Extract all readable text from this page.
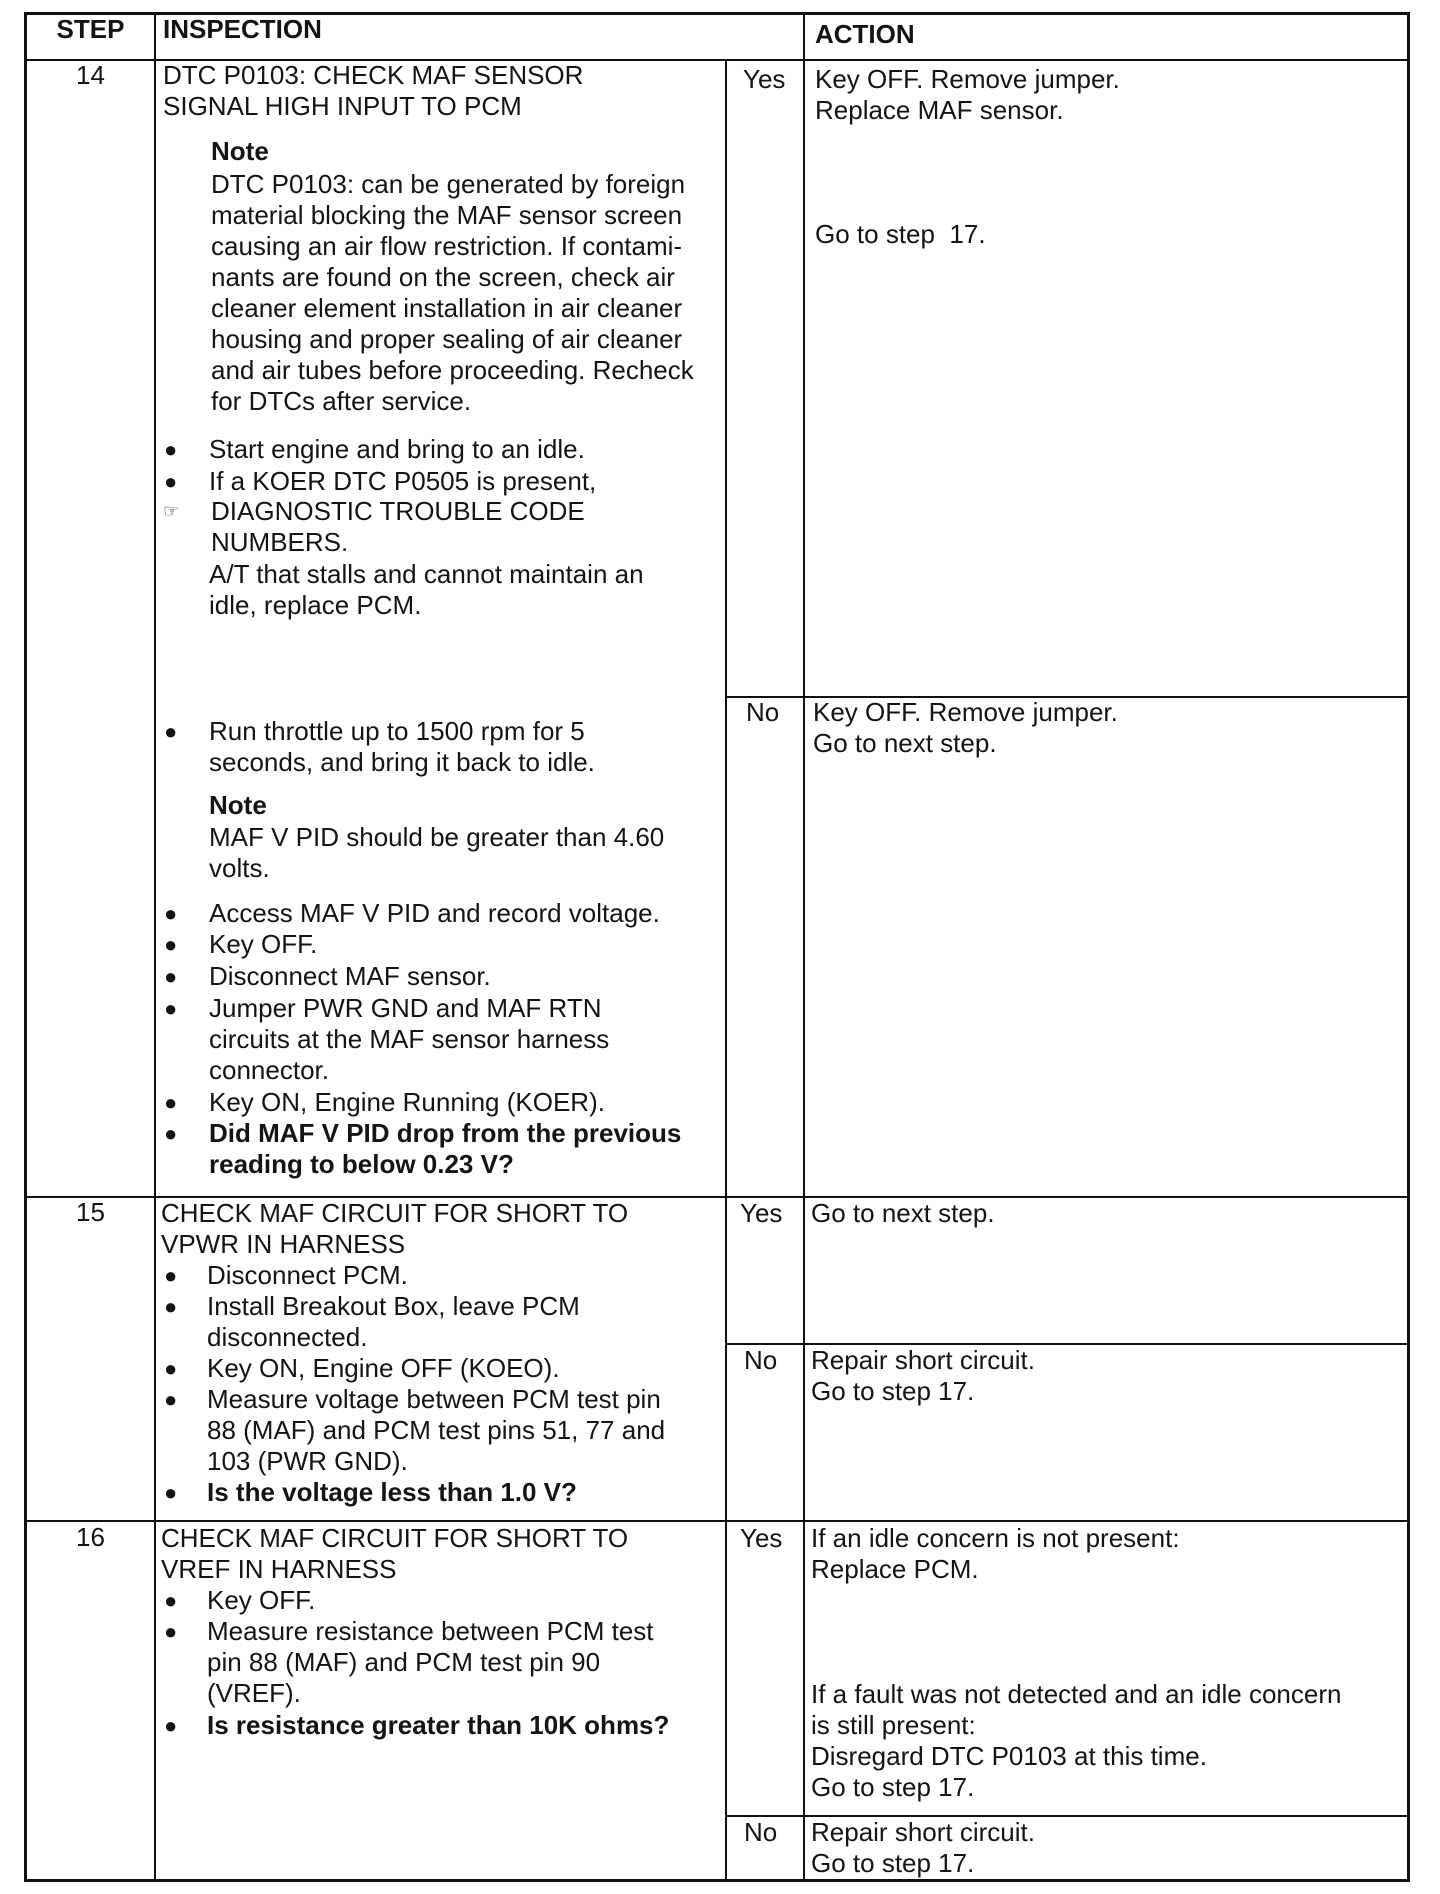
STEP	INSPECTION	ACTION
14	DTC P0103: CHECK MAF SENSOR
SIGNAL HIGH INPUT TO PCM
Note
DTC P0103: can be generated by foreign
material blocking the MAF sensor screen
causing an air flow restriction. If contami-
nants are found on the screen, check air
cleaner element installation in air cleaner
housing and proper sealing of air cleaner
and air tubes before proceeding. Recheck
for DTCs after service.
● Start engine and bring to an idle.
● If a KOER DTC P0505 is present,
☞ DIAGNOSTIC TROUBLE CODE
NUMBERS.
A/T that stalls and cannot maintain an
idle, replace PCM.
● Run throttle up to 1500 rpm for 5
seconds, and bring it back to idle.
Note
MAF V PID should be greater than 4.60
volts.
● Access MAF V PID and record voltage.
● Key OFF.
● Disconnect MAF sensor.
● Jumper PWR GND and MAF RTN
circuits at the MAF sensor harness
connector.
● Key ON, Engine Running (KOER).
● Did MAF V PID drop from the previous
reading to below 0.23 V?
Yes Key OFF. Remove jumper.
Replace MAF sensor.
Go to step  17.
No Key OFF. Remove jumper.
Go to next step.
15	CHECK MAF CIRCUIT FOR SHORT TO
VPWR IN HARNESS
● Disconnect PCM.
● Install Breakout Box, leave PCM
disconnected.
● Key ON, Engine OFF (KOEO).
● Measure voltage between PCM test pin
88 (MAF) and PCM test pins 51, 77 and
103 (PWR GND).
● Is the voltage less than 1.0 V?
Yes Go to next step.
No Repair short circuit.
Go to step 17.
16	CHECK MAF CIRCUIT FOR SHORT TO
VREF IN HARNESS
● Key OFF.
● Measure resistance between PCM test
pin 88 (MAF) and PCM test pin 90
(VREF).
● Is resistance greater than 10K ohms?
Yes If an idle concern is not present:
Replace PCM.
If a fault was not detected and an idle concern
is still present:
Disregard DTC P0103 at this time.
Go to step 17.
No Repair short circuit.
Go to step 17.
